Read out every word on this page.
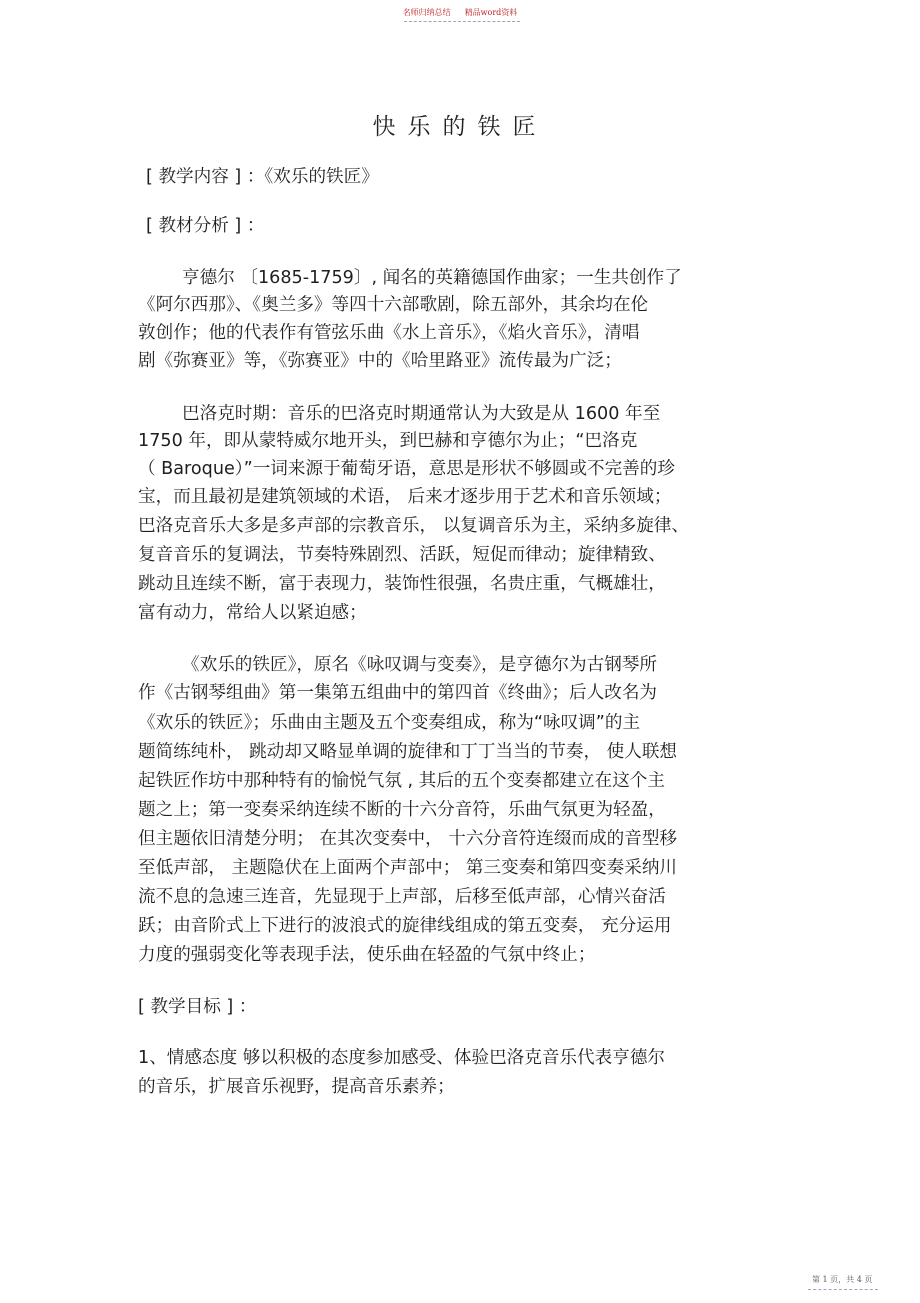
名师归纳总结 精品word资料
快乐的铁匠
[ 教学内容 ] ：《欢乐的铁匠》
[ 教材分析 ] ：
亨德尔 〔1685-1759〕, 闻名的英籍德国作曲家；一生共创作了
《阿尔西那》、《奥兰多》等四十六部歌剧，除五部外，其余均在伦
敦创作；他的代表作有管弦乐曲《水上音乐》，《焰火音乐》，清唱
剧《弥赛亚》等，《弥赛亚》中的《哈里路亚》流传最为广泛；
巴洛克时期：音乐的巴洛克时期通常认为大致是从 1600 年至
1750 年，即从蒙特威尔地开头，到巴赫和亨德尔为止；“巴洛克
（ Baroque）”一词来源于葡萄牙语，意思是形状不够圆或不完善的珍
宝，而且最初是建筑领域的术语， 后来才逐步用于艺术和音乐领域；
巴洛克音乐大多是多声部的宗教音乐， 以复调音乐为主，采纳多旋律、
复音音乐的复调法，节奏特殊剧烈、活跃，短促而律动；旋律精致、
跳动且连续不断，富于表现力，装饰性很强，名贵庄重，气概雄壮，
富有动力，常给人以紧迫感；
《欢乐的铁匠》，原名《咏叹调与变奏》，是亨德尔为古钢琴所
作《古钢琴组曲》第一集第五组曲中的第四首《终曲》；后人改名为
《欢乐的铁匠》；乐曲由主题及五个变奏组成，称为“咏叹调”的主
题简练纯朴， 跳动却又略显单调的旋律和丁丁当当的节奏， 使人联想
起铁匠作坊中那种特有的愉悦气氛 , 其后的五个变奏都建立在这个主
题之上；第一变奏采纳连续不断的十六分音符，乐曲气氛更为轻盈，
但主题依旧清楚分明； 在其次变奏中， 十六分音符连缀而成的音型移
至低声部， 主题隐伏在上面两个声部中； 第三变奏和第四变奏采纳川
流不息的急速三连音，先显现于上声部，后移至低声部，心情兴奋活
跃；由音阶式上下进行的波浪式的旋律线组成的第五变奏， 充分运用
力度的强弱变化等表现手法，使乐曲在轻盈的气氛中终止；
[ 教学目标 ] ：
1、情感态度 够以积极的态度参加感受、体验巴洛克音乐代表亨德尔
的音乐，扩展音乐视野，提高音乐素养；
第 1 页，共 4 页
